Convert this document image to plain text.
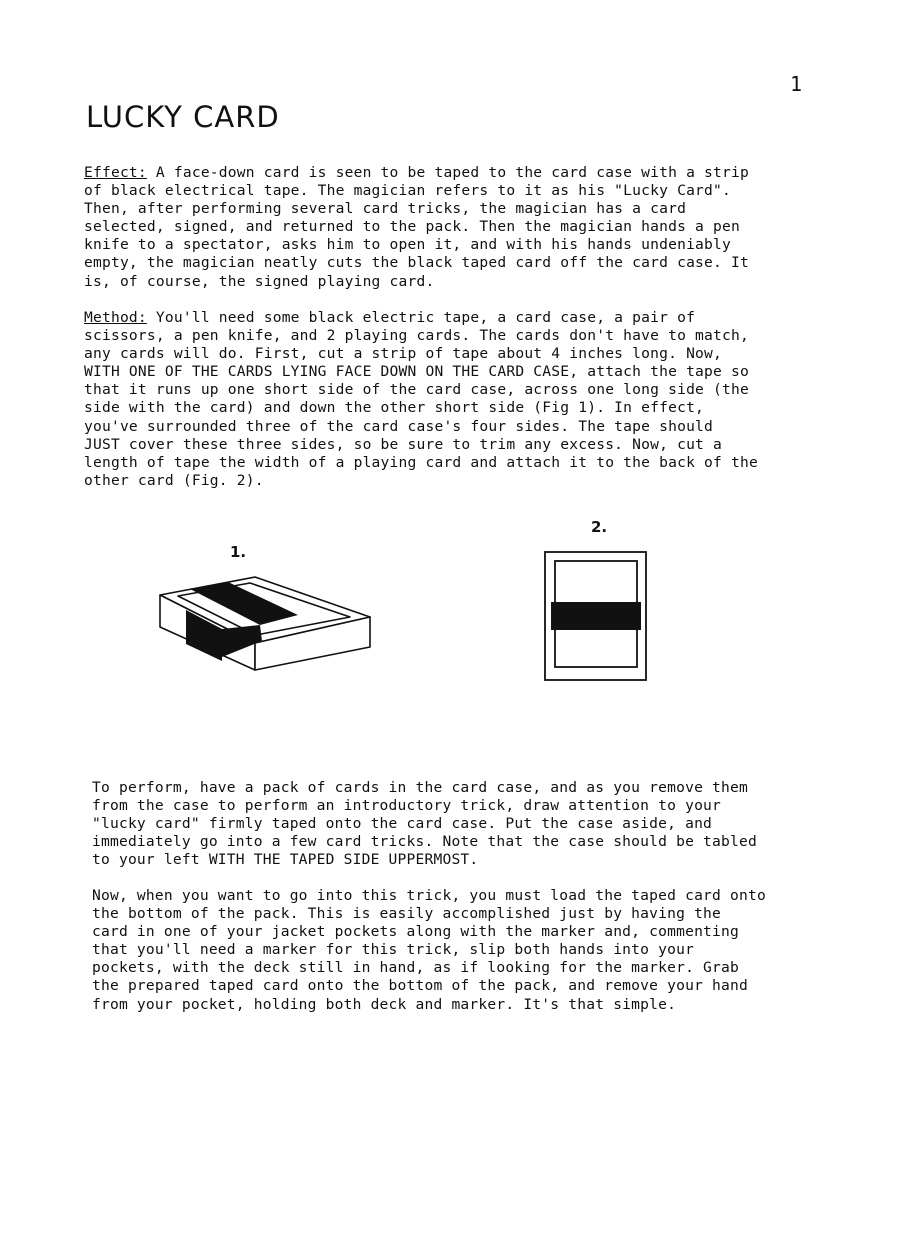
1
LUCKY CARD

Effect: A face-down card is seen to be taped to the card case with a strip
of black electrical tape. The magician refers to it as his "Lucky Card".
Then, after performing several card tricks, the magician has a card
selected, signed, and returned to the pack. Then the magician hands a pen
knife to a spectator, asks him to open it, and with his hands undeniably
empty, the magician neatly cuts the black taped card off the card case. It
is, of course, the signed playing card.

Method: You'll need some black electric tape, a card case, a pair of
scissors, a pen knife, and 2 playing cards. The cards don't have to match,
any cards will do. First, cut a strip of tape about 4 inches long. Now,
WITH ONE OF THE CARDS LYING FACE DOWN ON THE CARD CASE, attach the tape so
that it runs up one short side of the card case, across one long side (the
side with the card) and down the other short side (Fig 1). In effect,
you've surrounded three of the card case's four sides. The tape should
JUST cover these three sides, so be sure to trim any excess. Now, cut a
length of tape the width of a playing card and attach it to the back of the
other card (Fig. 2).

1.
2.

To perform, have a pack of cards in the card case, and as you remove them
from the case to perform an introductory trick, draw attention to your
"lucky card" firmly taped onto the card case. Put the case aside, and
immediately go into a few card tricks. Note that the case should be tabled
to your left WITH THE TAPED SIDE UPPERMOST.

Now, when you want to go into this trick, you must load the taped card onto
the bottom of the pack. This is easily accomplished just by having the
card in one of your jacket pockets along with the marker and, commenting
that you'll need a marker for this trick, slip both hands into your
pockets, with the deck still in hand, as if looking for the marker. Grab
the prepared taped card onto the bottom of the pack, and remove your hand
from your pocket, holding both deck and marker. It's that simple.
